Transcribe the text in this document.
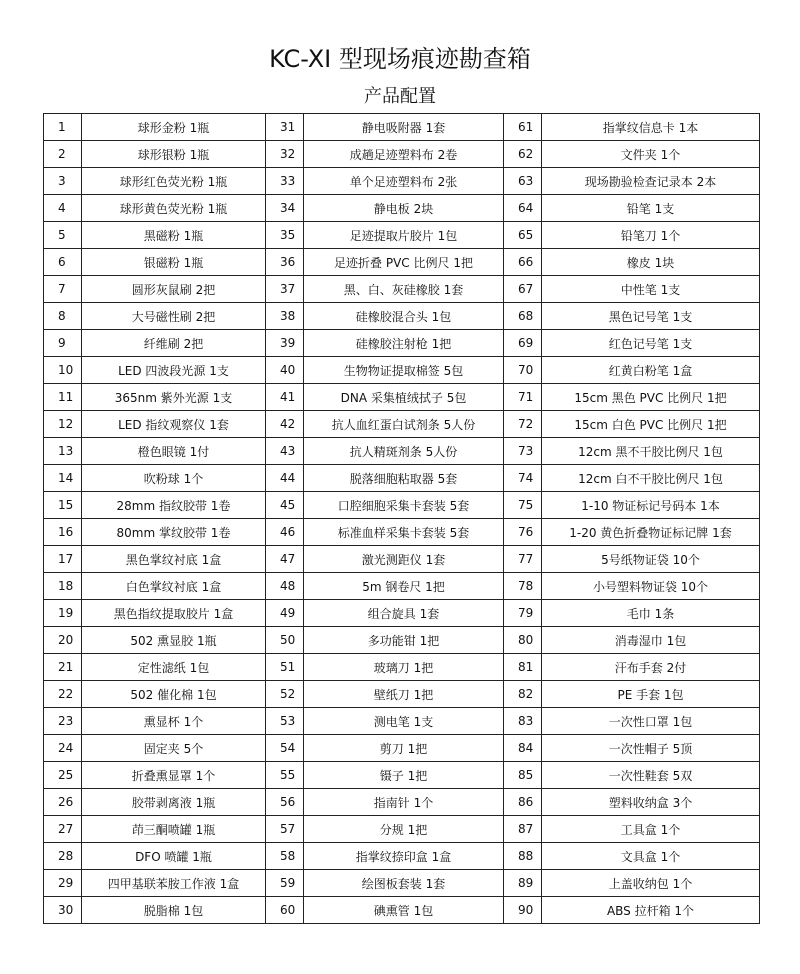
KC-XI 型现场痕迹勘查箱
产品配置
1	球形金粉 1瓶	31	静电吸附器 1套	61	指掌纹信息卡 1本
2	球形银粉 1瓶	32	成趟足迹塑料布 2卷	62	文件夹 1个
3	球形红色荧光粉 1瓶	33	单个足迹塑料布 2张	63	现场勘验检查记录本 2本
4	球形黄色荧光粉 1瓶	34	静电板 2块	64	铅笔 1支
5	黑磁粉 1瓶	35	足迹提取片胶片 1包	65	铅笔刀 1个
6	银磁粉 1瓶	36	足迹折叠 PVC 比例尺 1把	66	橡皮 1块
7	圆形灰鼠刷 2把	37	黑、白、灰硅橡胶 1套	67	中性笔 1支
8	大号磁性刷 2把	38	硅橡胶混合头 1包	68	黑色记号笔 1支
9	纤维刷 2把	39	硅橡胶注射枪 1把	69	红色记号笔 1支
10	LED 四波段光源 1支	40	生物物证提取棉签 5包	70	红黄白粉笔 1盒
11	365nm 紫外光源 1支	41	DNA 采集植绒拭子 5包	71	15cm 黑色 PVC 比例尺 1把
12	LED 指纹观察仪 1套	42	抗人血红蛋白试剂条 5人份	72	15cm 白色 PVC 比例尺 1把
13	橙色眼镜 1付	43	抗人精斑剂条 5人份	73	12cm 黑不干胶比例尺 1包
14	吹粉球 1个	44	脱落细胞粘取器 5套	74	12cm 白不干胶比例尺 1包
15	28mm 指纹胶带 1卷	45	口腔细胞采集卡套装 5套	75	1-10 物证标记号码本 1本
16	80mm 掌纹胶带 1卷	46	标准血样采集卡套装 5套	76	1-20 黄色折叠物证标记牌 1套
17	黑色掌纹衬底 1盒	47	激光测距仪 1套	77	5号纸物证袋 10个
18	白色掌纹衬底 1盒	48	5m 钢卷尺 1把	78	小号塑料物证袋 10个
19	黑色指纹提取胶片 1盒	49	组合旋具 1套	79	毛巾 1条
20	502 熏显胶 1瓶	50	多功能钳 1把	80	消毒湿巾 1包
21	定性滤纸 1包	51	玻璃刀 1把	81	汗布手套 2付
22	502 催化棉 1包	52	壁纸刀 1把	82	PE 手套 1包
23	熏显杯 1个	53	测电笔 1支	83	一次性口罩 1包
24	固定夹 5个	54	剪刀 1把	84	一次性帽子 5顶
25	折叠熏显罩 1个	55	镊子 1把	85	一次性鞋套 5双
26	胶带剥离液 1瓶	56	指南针 1个	86	塑料收纳盒 3个
27	茚三酮喷罐 1瓶	57	分规 1把	87	工具盒 1个
28	DFO 喷罐 1瓶	58	指掌纹捺印盒 1盒	88	文具盒 1个
29	四甲基联苯胺工作液 1盒	59	绘图板套装 1套	89	上盖收纳包 1个
30	脱脂棉 1包	60	碘熏管 1包	90	ABS 拉杆箱 1个
